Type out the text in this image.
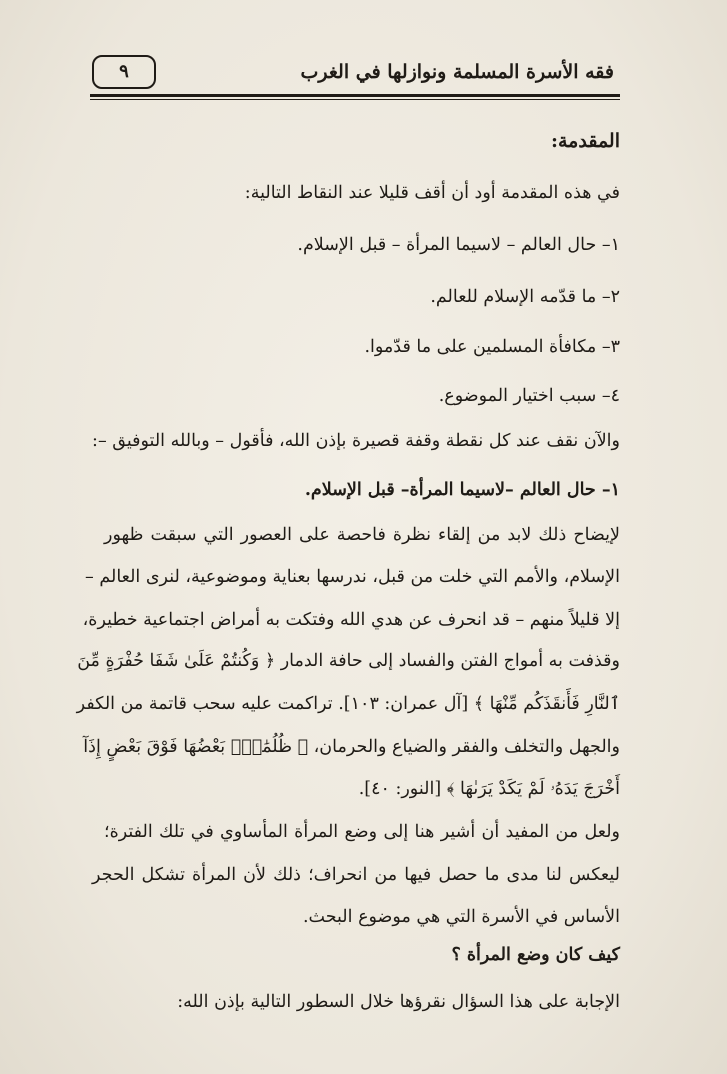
فقه الأسرة المسلمة ونوازلها في الغرب
٩
المقدمة:
في هذه المقدمة أود أن أقف قليلا عند النقاط التالية:
١– حال العالم – لاسيما المرأة – قبل الإسلام.
٢– ما قدّمه الإسلام للعالم.
٣– مكافأة المسلمين على ما قدّموا.
٤– سبب اختيار الموضوع.
والآن نقف عند كل نقطة وقفة قصيرة بإذن الله، فأقول – وبالله التوفيق –:
١– حال العالم –لاسيما المرأة– قبل الإسلام.
لإيضاح ذلك لابد من إلقاء نظرة فاحصة على العصور التي سبقت ظهور
الإسلام، والأمم التي خلت من قبل، ندرسها بعناية وموضوعية، لنرى العالم –
إلا قليلاً منهم – قد انحرف عن هدي الله وفتكت به أمراض اجتماعية خطيرة،
وقذفت به أمواج الفتن والفساد إلى حافة الدمار ﴿ وَكُنتُمْ عَلَىٰ شَفَا حُفْرَةٍ مِّنَ
ٱلنَّارِ فَأَنقَذَكُم مِّنْهَا ﴾ [آل عمران: ١٠٣]. تراكمت عليه سحب قاتمة من الكفر
والجهل والتخلف والفقر والضياع والحرمان، ﴿ ظُلُمَٰتٌۢ بَعْضُهَا فَوْقَ بَعْضٍ إِذَآ
أَخْرَجَ يَدَهُۥ لَمْ يَكَدْ يَرَىٰهَا ﴾ [النور: ٤٠].
ولعل من المفيد أن أشير هنا إلى وضع المرأة المأساوي في تلك الفترة؛
ليعكس لنا مدى ما حصل فيها من انحراف؛ ذلك لأن المرأة تشكل الحجر
الأساس في الأسرة التي هي موضوع البحث.
كيف كان وضع المرأة ؟
الإجابة على هذا السؤال نقرؤها خلال السطور التالية بإذن الله:
